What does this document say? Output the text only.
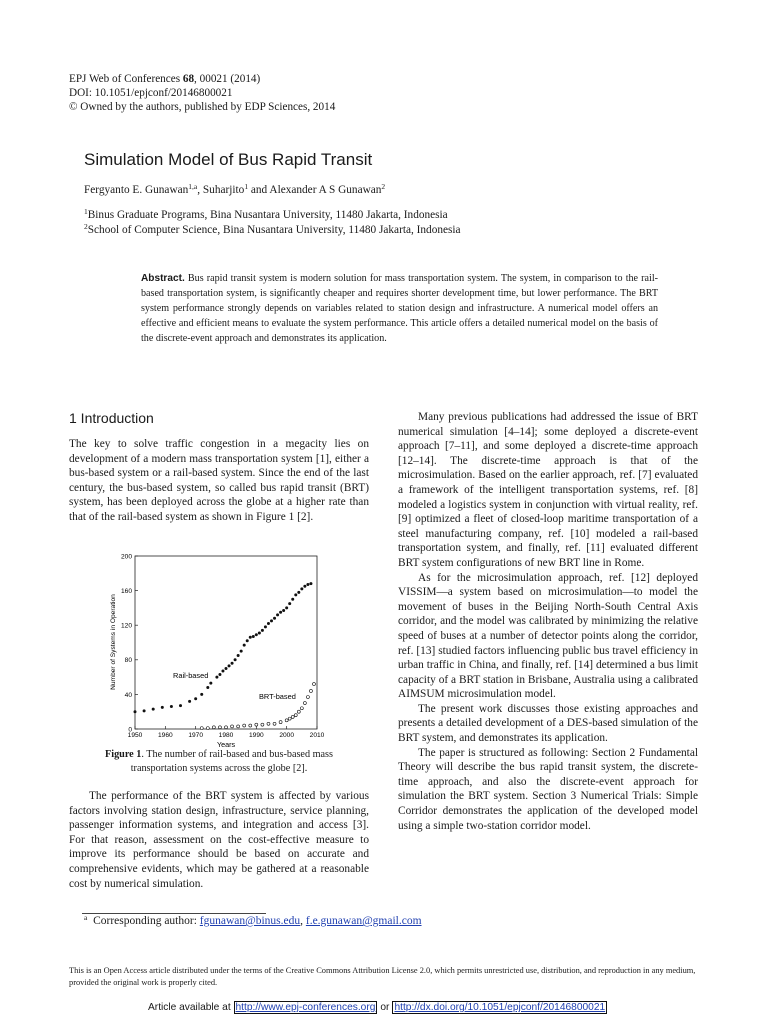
EPJ Web of Conferences 68, 00021 (2014)
DOI: 10.1051/epjconf/20146800021
© Owned by the authors, published by EDP Sciences, 2014
Simulation Model of Bus Rapid Transit
Fergyanto E. Gunawan$^{1,a}$, Suharjito$^1$ and Alexander A S Gunawan$^2$
$^1$Binus Graduate Programs, Bina Nusantara University, 11480 Jakarta, Indonesia
$^2$School of Computer Science, Bina Nusantara University, 11480 Jakarta, Indonesia
Abstract. Bus rapid transit system is modern solution for mass transportation system. The system, in comparison to the rail-based transportation system, is significantly cheaper and requires shorter development time, but lower performance. The BRT system performance strongly depends on variables related to station design and infrastructure. A numerical model offers an effective and efficient means to evaluate the system performance. This article offers a detailed numerical model on the basis of the discrete-event approach and demonstrates its application.
1 Introduction

The key to solve traffic congestion in a megacity lies on development of a modern mass transportation system [1], either a bus-based system or a rail-based system. Since the end of the last century, the bus-based system, so called bus rapid transit (BRT) system, has been deployed across the globe at a higher rate than that of the rail-based system as shown in Figure 1 [2].

0
40
80
120
160
200
1950 1960 1970 1980 1990 2000 2010
Number of Systems in Operation
Years
Rail-based
BRT-based
Figure 1. The number of rail-based and bus-based mass transportation systems across the globe [2].

The performance of the BRT system is affected by various factors involving station design, infrastructure, service planning, passenger information systems, and integration and access [3]. For that reason, assessment on the cost-effective measure to improve its performance should be based on accurate and comprehensive evidents, which may be gathered at a reasonable cost by numerical simulation.

Many previous publications had addressed the issue of BRT numerical simulation [4–14]; some deployed a discrete-event approach [7–11], and some deployed a discrete-time approach [12–14]. The discrete-time approach is that of the microsimulation. Based on the earlier approach, ref. [7] evaluated a framework of the intelligent transportation systems, ref. [8] modeled a logistics system in conjunction with virtual reality, ref. [9] optimized a fleet of closed-loop maritime transportation of a steel manufacturing company, ref. [10] modeled a rail-based transportation system, and finally, ref. [11] evaluated different BRT system configurations of new BRT line in Rome.

As for the microsimulation approach, ref. [12] deployed VISSIM—a system based on microsimulation—to model the movement of buses in the Beijing North-South Central Axis corridor, and the model was calibrated by minimizing the relative speed of buses at a number of detector points along the corridor, ref. [13] studied factors influencing public bus travel efficiency in urban traffic in China, and finally, ref. [14] determined a bus limit capacity of a BRT station in Brisbane, Australia using a calibrated AIMSUM microsimulation model.

The present work discusses those existing approaches and presents a detailed development of a DES-based simulation of the BRT system, and demonstrates its application.

The paper is structured as following: Section 2 Fundamental Theory will describe the bus rapid transit system, the discrete-time approach, and also the discrete-event approach for simulation the BRT system. Section 3 Numerical Trials: Simple Corridor demonstrates the application of the developed model using a simple two-station corridor model.

$^a$ Corresponding author: fgunawan@binus.edu, f.e.gunawan@gmail.com
This is an Open Access article distributed under the terms of the Creative Commons Attribution License 2.0, which permits unrestricted use, distribution, and reproduction in any medium, provided the original work is properly cited.
Article available at http://www.epj-conferences.org or http://dx.doi.org/10.1051/epjconf/20146800021
